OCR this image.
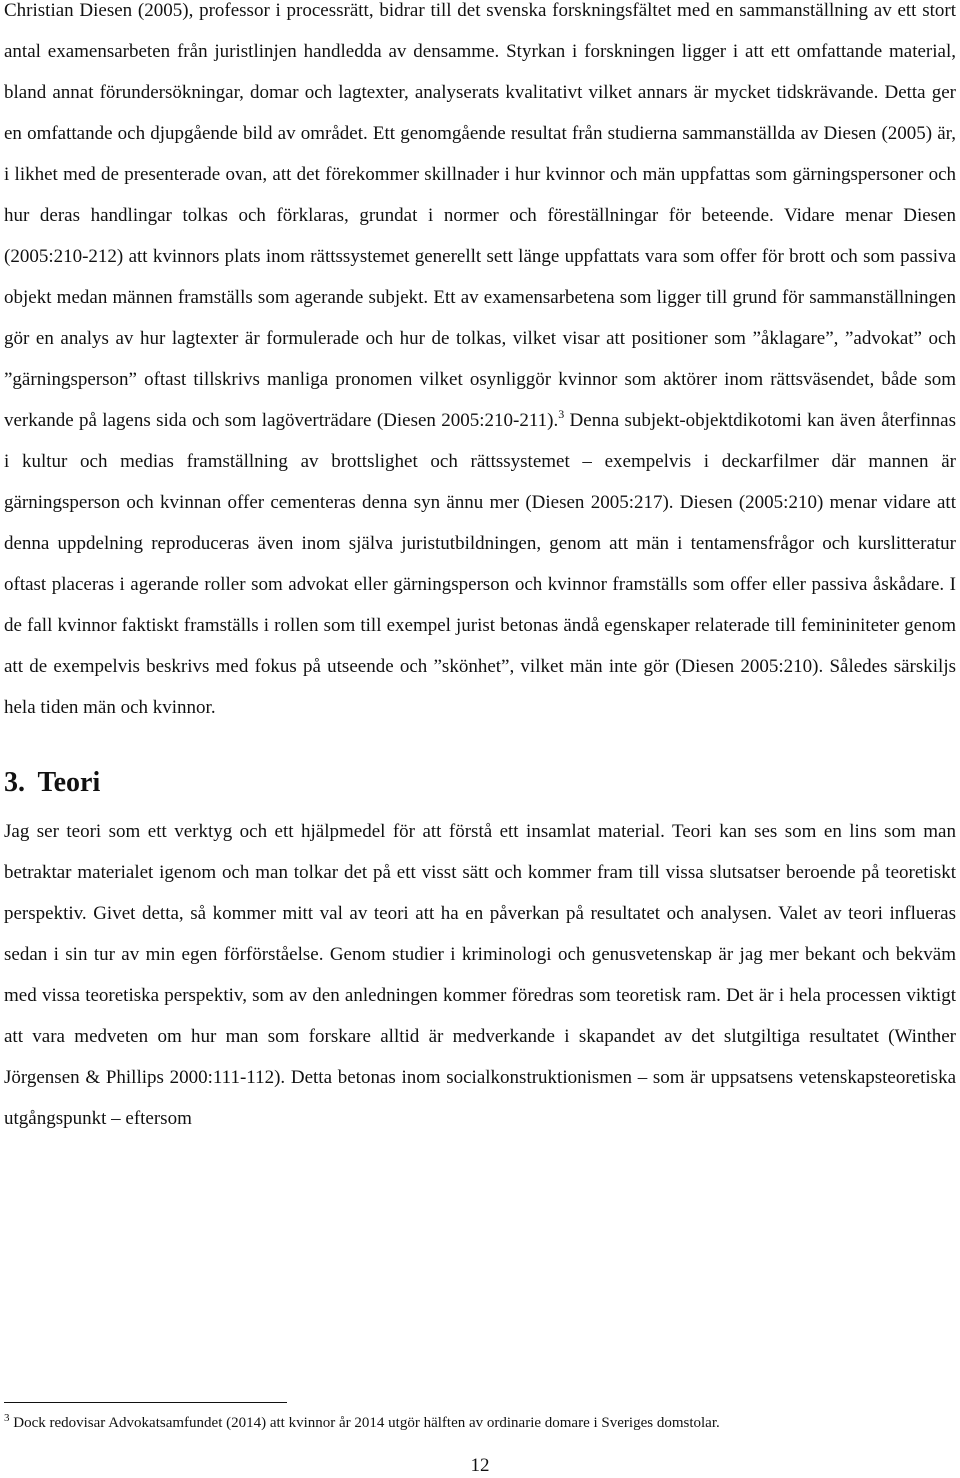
Christian Diesen (2005), professor i processrätt, bidrar till det svenska forskningsfältet med en sammanställning av ett stort antal examensarbeten från juristlinjen handledda av densamme. Styrkan i forskningen ligger i att ett omfattande material, bland annat förundersökningar, domar och lagtexter, analyserats kvalitativt vilket annars är mycket tidskrävande. Detta ger en omfattande och djupgående bild av området. Ett genomgående resultat från studierna sammanställda av Diesen (2005) är, i likhet med de presenterade ovan, att det förekommer skillnader i hur kvinnor och män uppfattas som gärningspersoner och hur deras handlingar tolkas och förklaras, grundat i normer och föreställningar för beteende. Vidare menar Diesen (2005:210-212) att kvinnors plats inom rättssystemet generellt sett länge uppfattats vara som offer för brott och som passiva objekt medan männen framställs som agerande subjekt. Ett av examensarbetena som ligger till grund för sammanställningen gör en analys av hur lagtexter är formulerade och hur de tolkas, vilket visar att positioner som ”åklagare”, ”advokat” och ”gärningsperson” oftast tillskrivs manliga pronomen vilket osynliggör kvinnor som aktörer inom rättsväsendet, både som verkande på lagens sida och som lagöverträdare (Diesen 2005:210-211).$^3$ Denna subjekt-objektdikotomi kan även återfinnas i kultur och medias framställning av brottslighet och rättssystemet – exempelvis i deckarfilmer där mannen är gärningsperson och kvinnan offer cementeras denna syn ännu mer (Diesen 2005:217). Diesen (2005:210) menar vidare att denna uppdelning reproduceras även inom själva juristutbildningen, genom att män i tentamensfrågor och kurslitteratur oftast placeras i agerande roller som advokat eller gärningsperson och kvinnor framställs som offer eller passiva åskådare. I de fall kvinnor faktiskt framställs i rollen som till exempel jurist betonas ändå egenskaper relaterade till femininiteter genom att de exempelvis beskrivs med fokus på utseende och ”skönhet”, vilket män inte gör (Diesen 2005:210). Således särskiljs hela tiden män och kvinnor.

3. Teori

Jag ser teori som ett verktyg och ett hjälpmedel för att förstå ett insamlat material. Teori kan ses som en lins som man betraktar materialet igenom och man tolkar det på ett visst sätt och kommer fram till vissa slutsatser beroende på teoretiskt perspektiv. Givet detta, så kommer mitt val av teori att ha en påverkan på resultatet och analysen. Valet av teori influeras sedan i sin tur av min egen förförståelse. Genom studier i kriminologi och genusvetenskap är jag mer bekant och bekväm med vissa teoretiska perspektiv, som av den anledningen kommer föredras som teoretisk ram. Det är i hela processen viktigt att vara medveten om hur man som forskare alltid är medverkande i skapandet av det slutgiltiga resultatet (Winther Jörgensen & Phillips 2000:111-112). Detta betonas inom socialkonstruktionismen – som är uppsatsens vetenskapsteoretiska utgångspunkt – eftersom

$^3$ Dock redovisar Advokatsamfundet (2014) att kvinnor år 2014 utgör hälften av ordinarie domare i Sveriges domstolar.
12
